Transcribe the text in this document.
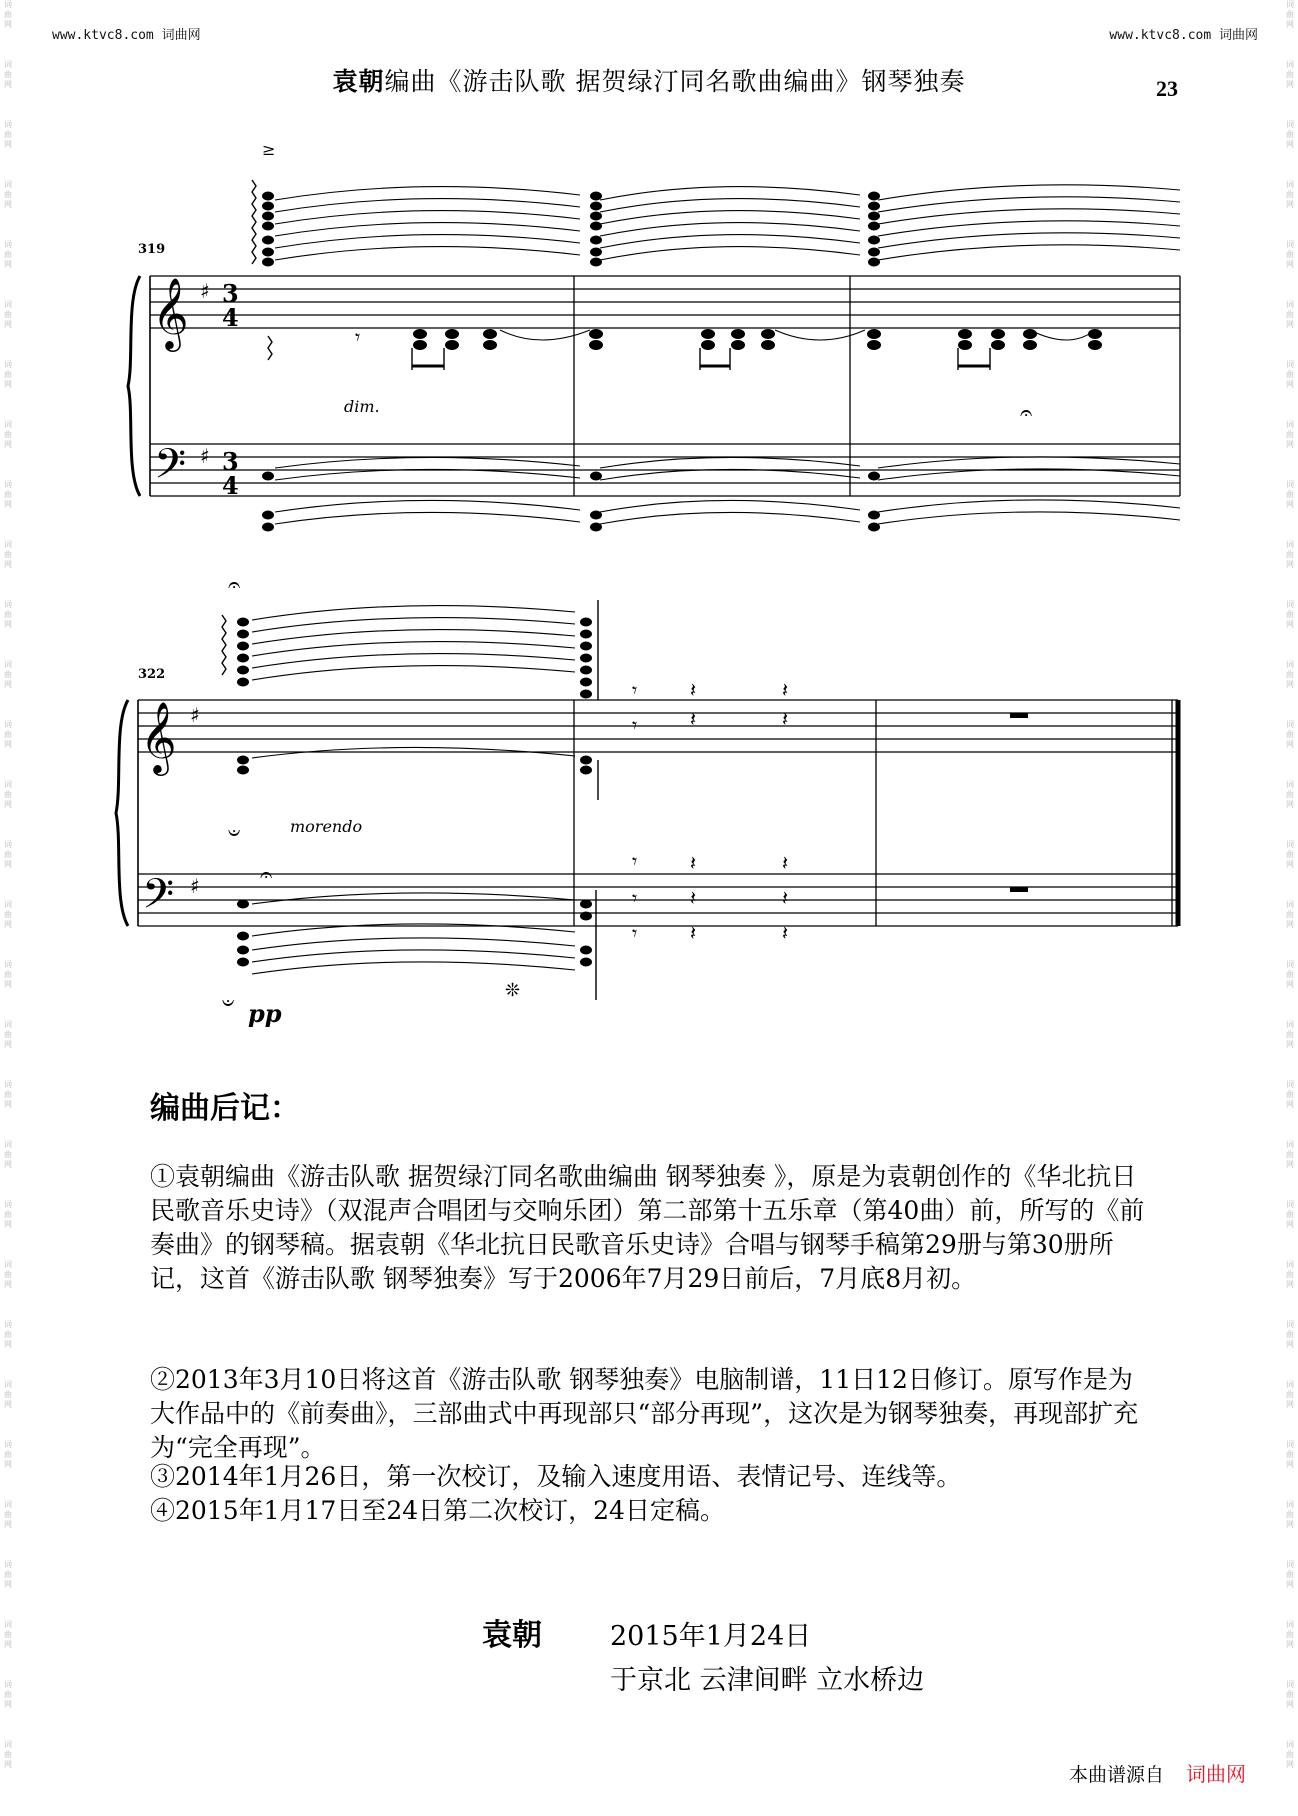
词
曲
网
词
曲
网
词
曲
网
词
曲
网
词
曲
网
词
曲
网
词
曲
网
词
曲
网
词
曲
网
词
曲
网
词
曲
网
词
曲
网
词
曲
网
词
曲
网
词
曲
网
词
曲
网
词
曲
网
词
曲
网
词
曲
网
词
曲
网
词
曲
网
词
曲
网
词
曲
网
词
曲
网
词
曲
网
词
曲
网
词
曲
网
词
曲
网
词
曲
网
词
曲
网
词
曲
网
词
曲
网
词
曲
网
词
曲
网
词
曲
网
词
曲
网
词
曲
网
词
曲
网
词
曲
网
词
曲
网
词
曲
网
词
曲
网
词
曲
网
词
曲
网
词
曲
网
词
曲
网
词
曲
网
词
曲
网
词
曲
网
词
曲
网
词
曲
网
词
曲
网
词
曲
网
词
曲
网
词
曲
网
词
曲
网
词
曲
网
词
曲
网
词
曲
网
词
曲
网
www.ktvc8.com 词曲网	www.ktvc8.com 词曲网
袁朝编曲《游击队歌 据贺绿汀同名歌曲编曲》钢琴独奏	23
319
𝄞
𝄢
♯
♯
3
4
3
4
dim.
≥
𝄐
322
𝄞
𝄢
♯
♯
morendo
pp
❊
𝄐
𝄑
𝄐
𝄑
𝄾
𝄾
𝄽
𝄽
𝄽
𝄽
𝄾
𝄾
𝄾
𝄽
𝄽
𝄽
𝄽
𝄽
𝄽
𝄾
编曲后记：

①袁朝编曲《游击队歌 据贺绿汀同名歌曲编曲 钢琴独奏 》，原是为袁朝创作的《华北抗日民歌音乐史诗》（双混声合唱团与交响乐团）第二部第十五乐章（第40曲）前，所写的《前奏曲》的钢琴稿。据袁朝《华北抗日民歌音乐史诗》合唱与钢琴手稿第29册与第30册所记，这首《游击队歌 钢琴独奏》写于2006年7月29日前后，7月底8月初。

②2013年3月10日将这首《游击队歌 钢琴独奏》电脑制谱，11日12日修订。原写作是为大作品中的《前奏曲》，三部曲式中再现部只“部分再现”，这次是为钢琴独奏，再现部扩充为“完全再现”。

③2014年1月26日，第一次校订，及输入速度用语、表情记号、连线等。

④2015年1月17日至24日第二次校订，24日定稿。

袁朝	2015年1月24日
于京北 云津间畔 立水桥边
本曲谱源自 词曲网
